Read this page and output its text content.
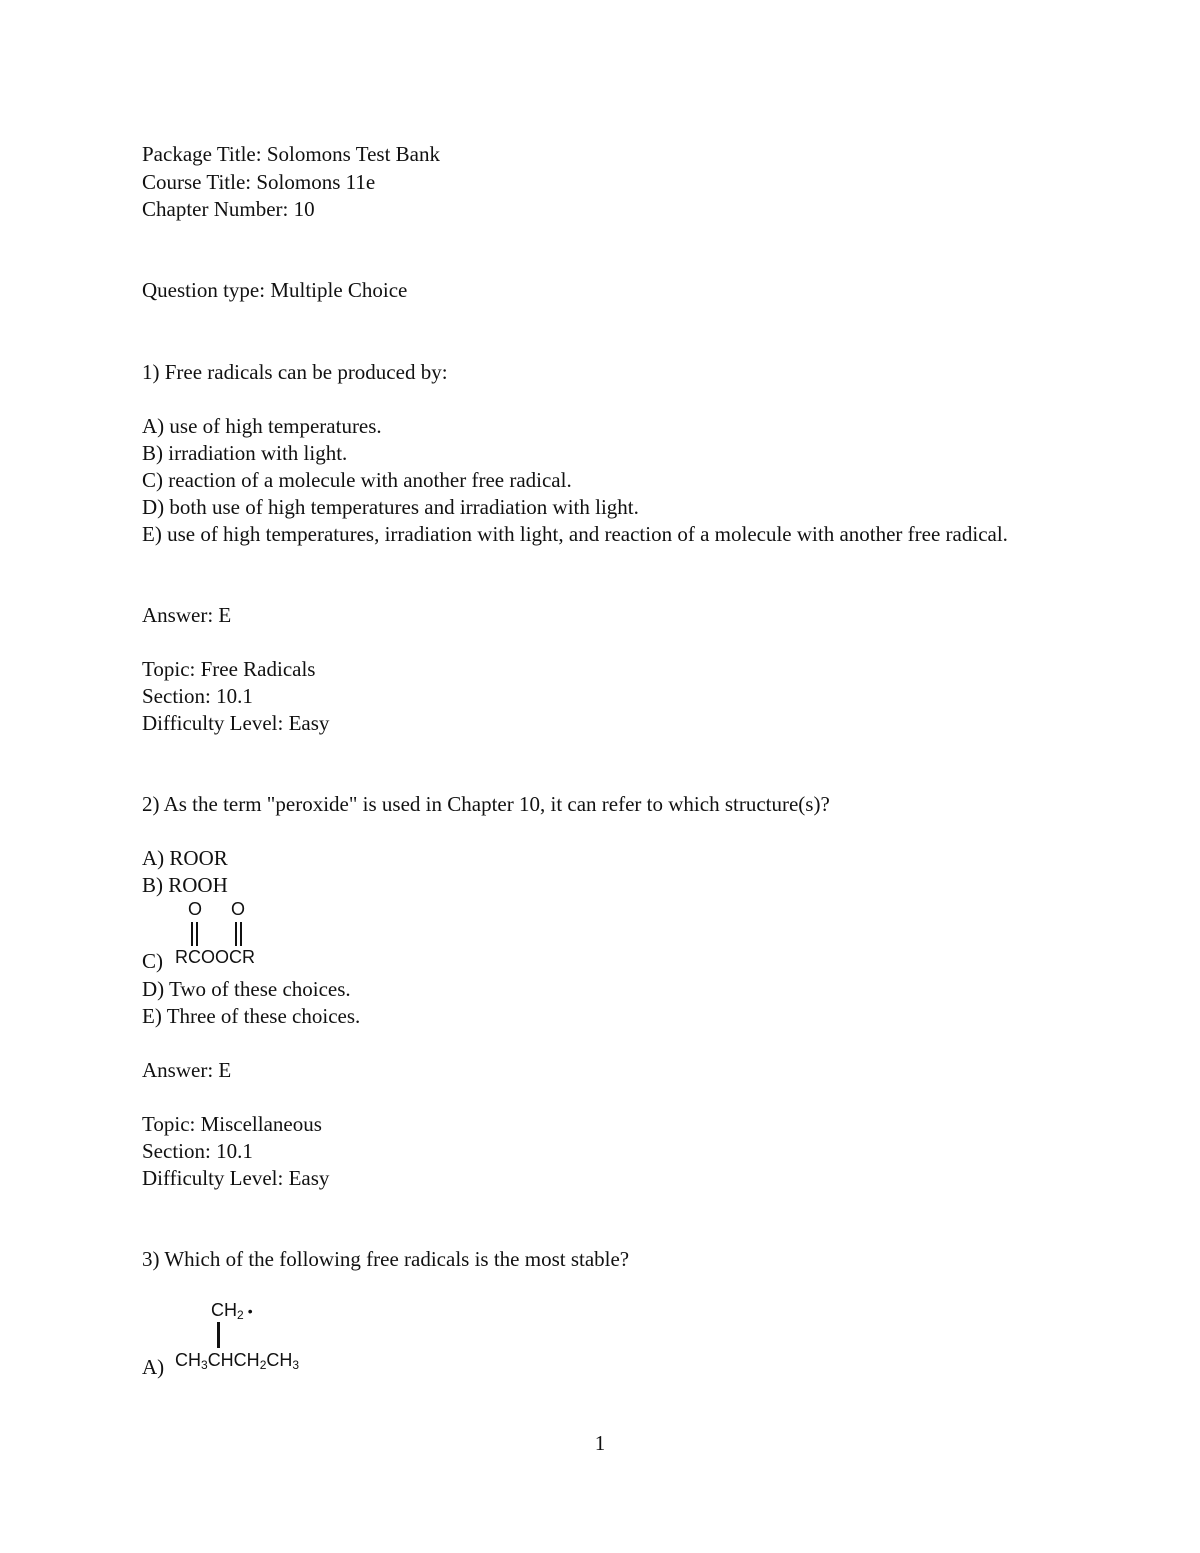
Package Title: Solomons Test Bank
Course Title: Solomons 11e
Chapter Number: 10
Question type: Multiple Choice
1) Free radicals can be produced by:
A) use of high temperatures.
B) irradiation with light.
C) reaction of a molecule with another free radical.
D) both use of high temperatures and irradiation with light.
E) use of high temperatures, irradiation with light, and reaction of a molecule with another free radical.
Answer: E
Topic: Free Radicals
Section: 10.1
Difficulty Level: Easy
2) As the term "peroxide" is used in Chapter 10, it can refer to which structure(s)?
A) ROOR
B) ROOH
O O
C) RCOOCR
D) Two of these choices.
E) Three of these choices.
Answer: E
Topic: Miscellaneous
Section: 10.1
Difficulty Level: Easy
3) Which of the following free radicals is the most stable?
$CH_2$ •
A) $CH_3CHCH_2CH_3$
1
